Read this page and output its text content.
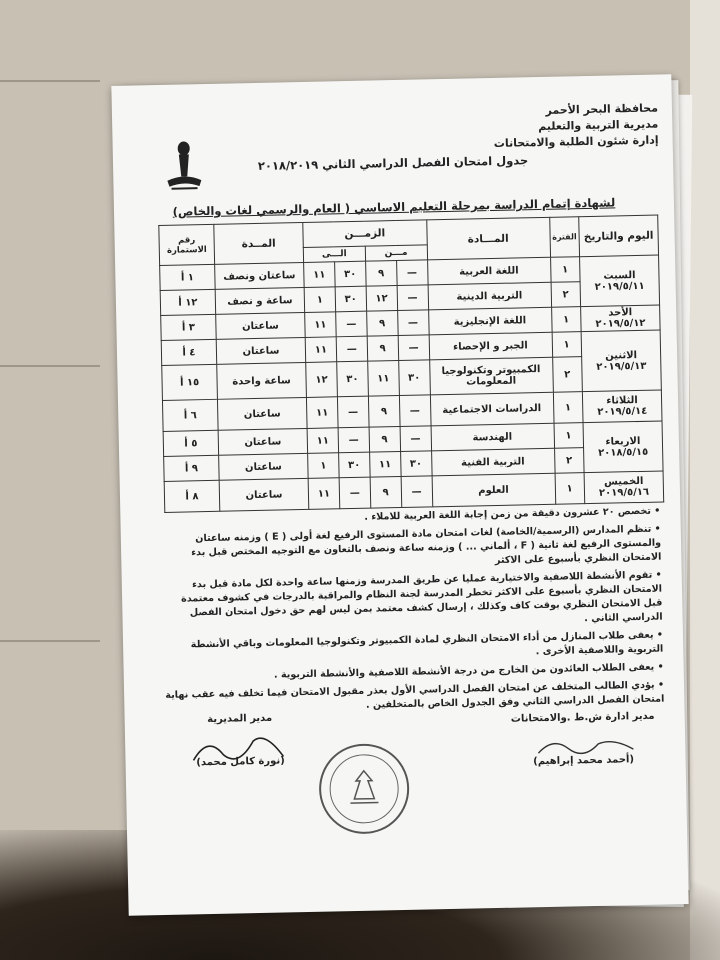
محافظة البحر الأحمر
مديرية التربية والتعليم
إدارة شئون الطلبة والامتحانات
جدول امتحان الفصل الدراسي الثاني ٢٠١٨/٢٠١٩
لشهادة إتمام الدراسة بمرحلة التعليم الاساسي ( العام والرسمي لغات والخاص)
اليوم والتاريخ	الفترة	المـــادة	الزمـــن				المــدة	رقم الاستمارة
			مـــن		الـــى			

السبت
٢٠١٩/٥/١١	١	اللغة العربية	—	٩	٣٠	١١	ساعتان ونصف	١ أ
	٢	التربية الدينية	—	١٢	٣٠	١	ساعة و نصف	١٢ أ

الأحد
٢٠١٩/٥/١٢	١	اللغة الإنجليزية	—	٩	—	١١	ساعتان	٣ أ

الاثنين
٢٠١٩/٥/١٣	١	الجبر و الإحصاء	—	٩	—	١١	ساعتان	٤ أ
	٢	الكمبيوتر وتكنولوجيا المعلومات	٣٠	١١	٣٠	١٢	ساعة واحدة	١٥ أ

الثلاثاء
٢٠١٩/٥/١٤	١	الدراسات الاجتماعية	—	٩	—	١١	ساعتان	٦ أ

الاربعاء
٢٠١٨/٥/١٥	١	الهندسة	—	٩	—	١١	ساعتان	٥ أ
	٢	التربية الفنية	٣٠	١١	٣٠	١	ساعتان	٩ أ

الخميس
٢٠١٩/٥/١٦	١	العلوم	—	٩	—	١١	ساعتان	٨ أ

• تخصص ٢٠ عشرون دقيقة من زمن إجابة اللغة العربية للاملاء .

• تنظم المدارس (الرسمية/الخاصة) لغات امتحان مادة المستوى الرفيع لغة أولى ( E ) وزمنه ساعتان والمستوى الرفيع لغة ثانية ( F ، ألماني ... ) وزمنه ساعة ونصف بالتعاون مع التوجيه المختص قبل بدء الامتحان النظري بأسبوع على الاكثر

• تقوم الأنشطة اللاصفية والاختيارية عمليا عن طريق المدرسة وزمنها ساعة واحدة لكل مادة قبل بدء الامتحان النظري بأسبوع على الاكثر تخطر المدرسة لجنة النظام والمراقبة بالدرجات في كشوف معتمدة قبل الامتحان النظري بوقت كاف وكذلك ، إرسال كشف معتمد بمن ليس لهم حق دخول امتحان الفصل الدراسي الثاني .

• يعفى طلاب المنازل من أداء الامتحان النظري لمادة الكمبيوتر وتكنولوجيا المعلومات وباقي الأنشطة التربوية واللاصفية الأخرى .

• يعفى الطلاب العائدون من الخارج من درجة الأنشطة اللاصفية والأنشطة التربوية .

• يؤدي الطالب المتخلف عن امتحان الفصل الدراسي الأول بعذر مقبول الامتحان فيما تخلف فيه عقب نهاية امتحان الفصل الدراسي الثاني وفق الجدول الخاص بالمتخلفين .

مدير ادارة ش.ط .والامتحانات
(أحمد محمد إبراهيم)
مدير المديرية
(نورة كامل محمد)
